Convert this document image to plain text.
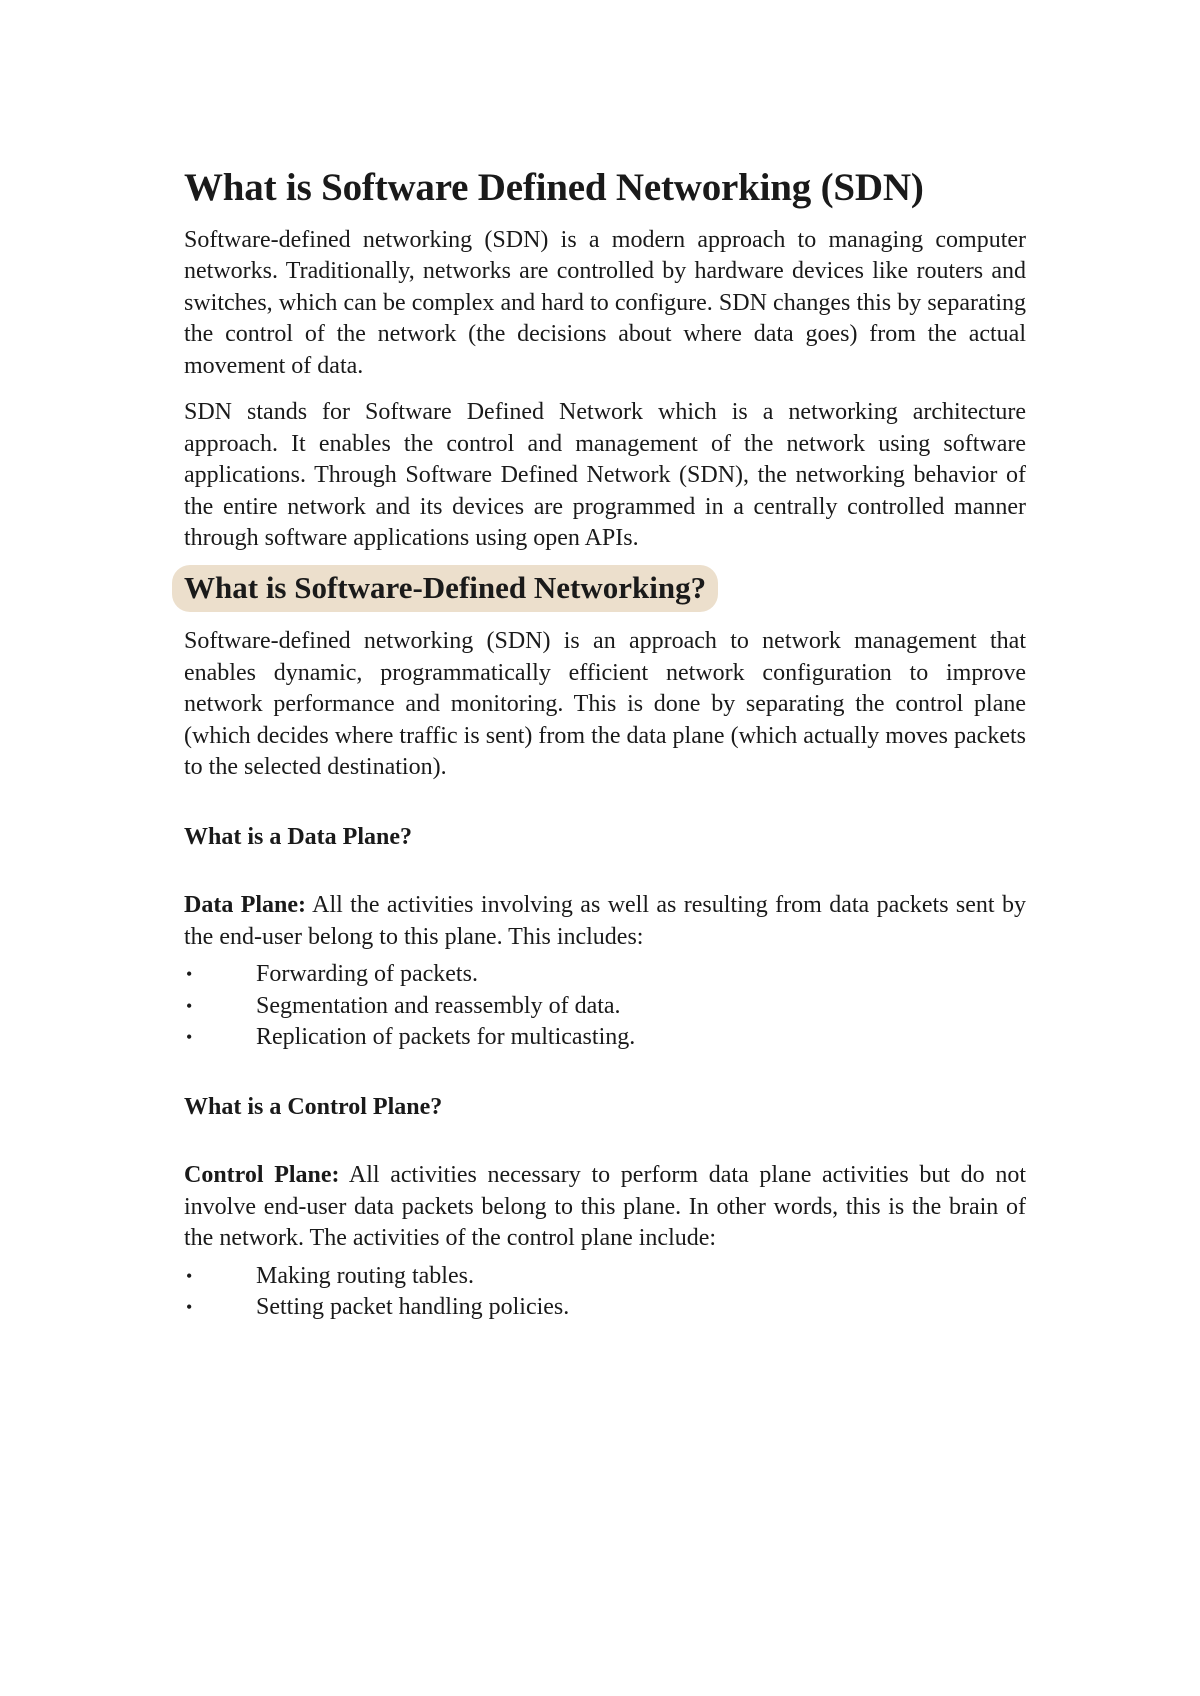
What is Software Defined Networking (SDN)

Software-defined networking (SDN) is a modern approach to managing computer networks. Traditionally, networks are controlled by hardware devices like routers and switches, which can be complex and hard to configure. SDN changes this by separating the control of the network (the decisions about where data goes) from the actual movement of data.

SDN stands for Software Defined Network which is a networking architecture approach. It enables the control and management of the network using software applications. Through Software Defined Network (SDN), the networking behavior of the entire network and its devices are programmed in a centrally controlled manner through software applications using open APIs.

What is Software-Defined Networking?

Software-defined networking (SDN) is an approach to network management that enables dynamic, programmatically efficient network configuration to improve network performance and monitoring. This is done by separating the control plane (which decides where traffic is sent) from the data plane (which actually moves packets to the selected destination).

What is a Data Plane?

Data Plane: All the activities involving as well as resulting from data packets sent by the end-user belong to this plane. This includes:

•	Forwarding of packets.
•	Segmentation and reassembly of data.
•	Replication of packets for multicasting.
What is a Control Plane?

Control Plane: All activities necessary to perform data plane activities but do not involve end-user data packets belong to this plane. In other words, this is the brain of the network. The activities of the control plane include:

•	Making routing tables.
•	Setting packet handling policies.
